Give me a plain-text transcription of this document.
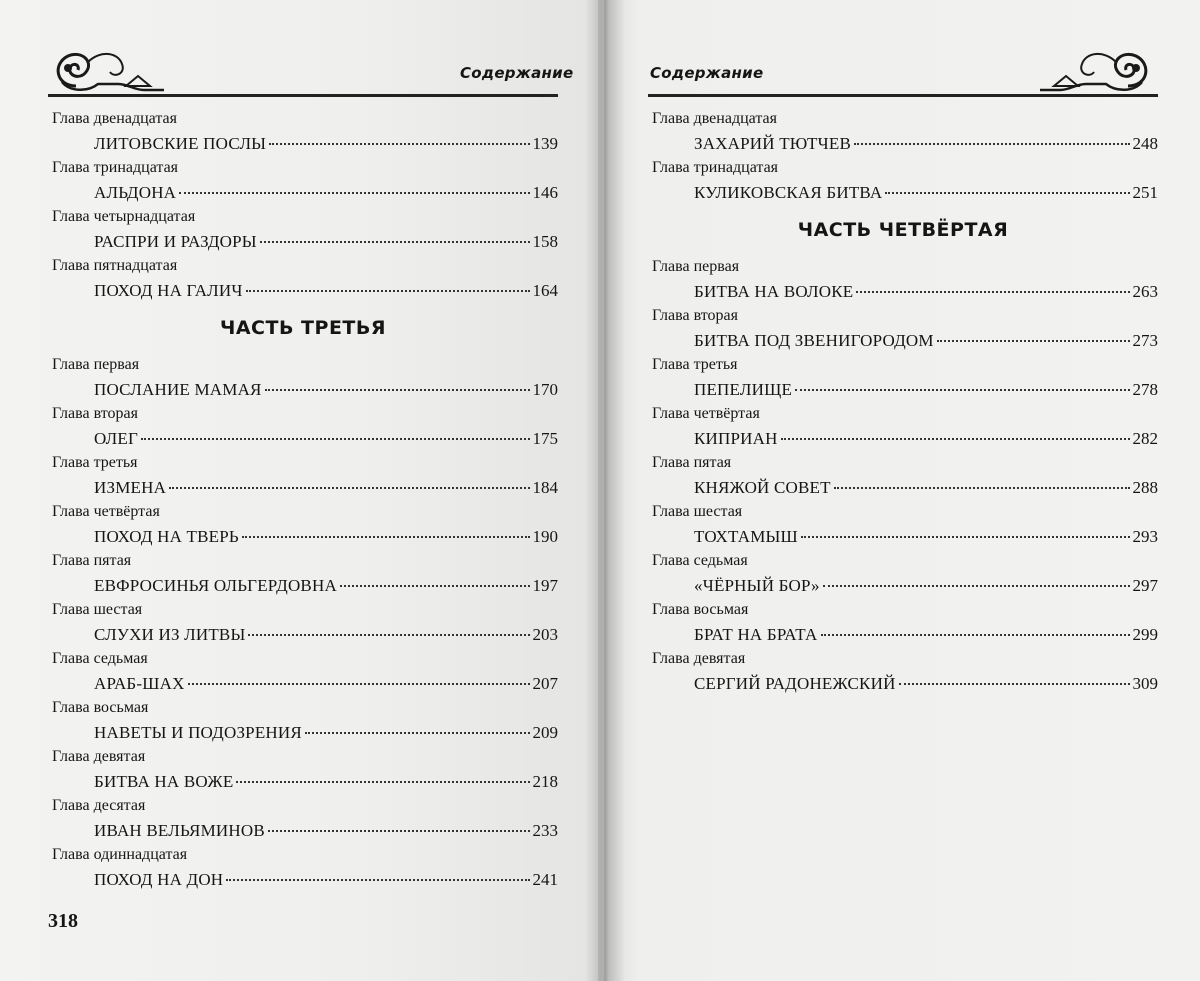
Содержание	Содержание
Глава двенадцатая
ЛИТОВСКИЕ ПОСЛЫ	139
Глава тринадцатая
АЛЬДОНА	146
Глава четырнадцатая
РАСПРИ И РАЗДОРЫ	158
Глава пятнадцатая
ПОХОД НА ГАЛИЧ	164
ЧАСТЬ ТРЕТЬЯ
Глава первая
ПОСЛАНИЕ МАМАЯ	170
Глава вторая
ОЛЕГ	175
Глава третья
ИЗМЕНА	184
Глава четвёртая
ПОХОД НА ТВЕРЬ	190
Глава пятая
ЕВФРОСИНЬЯ ОЛЬГЕРДОВНА	197
Глава шестая
СЛУХИ ИЗ ЛИТВЫ	203
Глава седьмая
АРАБ-ШАХ	207
Глава восьмая
НАВЕТЫ И ПОДОЗРЕНИЯ	209
Глава девятая
БИТВА НА ВОЖЕ	218
Глава десятая
ИВАН ВЕЛЬЯМИНОВ	233
Глава одиннадцатая
ПОХОД НА ДОН	241
Глава двенадцатая
ЗАХАРИЙ ТЮТЧЕВ	248
Глава тринадцатая
КУЛИКОВСКАЯ БИТВА	251
ЧАСТЬ ЧЕТВЁРТАЯ
Глава первая
БИТВА НА ВОЛОКЕ	263
Глава вторая
БИТВА ПОД ЗВЕНИГОРОДОМ	273
Глава третья
ПЕПЕЛИЩЕ	278
Глава четвёртая
КИПРИАН	282
Глава пятая
КНЯЖОЙ СОВЕТ	288
Глава шестая
ТОХТАМЫШ	293
Глава седьмая
«ЧЁРНЫЙ БОР»	297
Глава восьмая
БРАТ НА БРАТА	299
Глава девятая
СЕРГИЙ РАДОНЕЖСКИЙ	309
318
